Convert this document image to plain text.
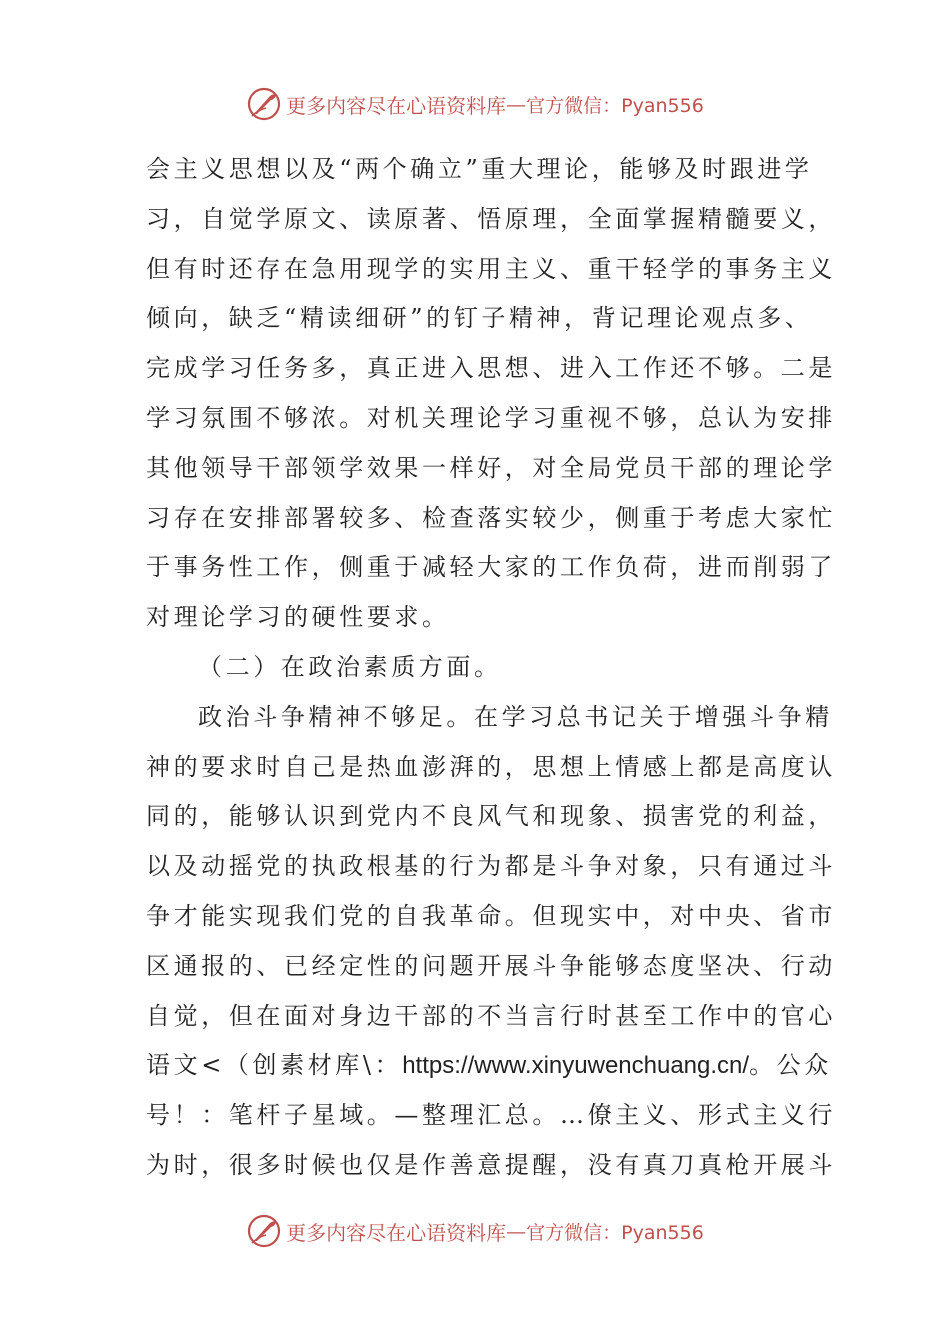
更多内容尽在心语资料库 — 官方微信：Pyan556
会主义思想以及“两个确立”重大理论，能够及时跟进学
习，自觉学原文、读原著、悟原理，全面掌握精髓要义，
但有时还存在急用现学的实用主义、重干轻学的事务主义
倾向，缺乏“精读细研”的钉子精神，背记理论观点多、
完成学习任务多，真正进入思想、进入工作还不够。二是
学习氛围不够浓。对机关理论学习重视不够，总认为安排
其他领导干部领学效果一样好，对全局党员干部的理论学
习存在安排部署较多、检查落实较少，侧重于考虑大家忙
于事务性工作，侧重于减轻大家的工作负荷，进而削弱了
对理论学习的硬性要求。
（二）在政治素质方面。
政治斗争精神不够足。在学习总书记关于增强斗争精
神的要求时自己是热血澎湃的，思想上情感上都是高度认
同的，能够认识到党内不良风气和现象、损害党的利益，
以及动摇党的执政根基的行为都是斗争对象，只有通过斗
争才能实现我们党的自我革命。但现实中，对中央、省市
区通报的、已经定性的问题开展斗争能够态度坚决、行动
自觉，但在面对身边干部的不当言行时甚至工作中的官心
语文<（创素材库\：https://www.xinyuwenchuang.cn/。公众
号！：笔杆子星域。—整理汇总。…僚主义、形式主义行
为时，很多时候也仅是作善意提醒，没有真刀真枪开展斗
更多内容尽在心语资料库 — 官方微信：Pyan556
